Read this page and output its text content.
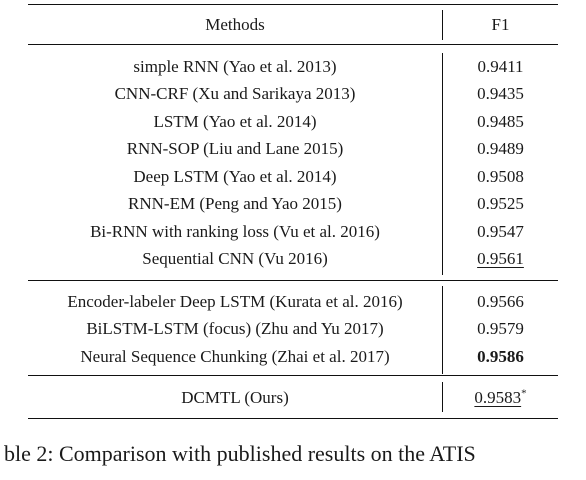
Methods	F1
simple RNN (Yao et al. 2013)	0.9411
CNN-CRF (Xu and Sarikaya 2013)	0.9435
LSTM (Yao et al. 2014)	0.9485
RNN-SOP (Liu and Lane 2015)	0.9489
Deep LSTM (Yao et al. 2014)	0.9508
RNN-EM (Peng and Yao 2015)	0.9525
Bi-RNN with ranking loss (Vu et al. 2016)	0.9547
Sequential CNN (Vu 2016)	0.9561
Encoder-labeler Deep LSTM (Kurata et al. 2016)	0.9566
BiLSTM-LSTM (focus) (Zhu and Yu 2017)	0.9579
Neural Sequence Chunking (Zhai et al. 2017)	0.9586
DCMTL (Ours)	0.9583*
ble 2: Comparison with published results on the ATIS
